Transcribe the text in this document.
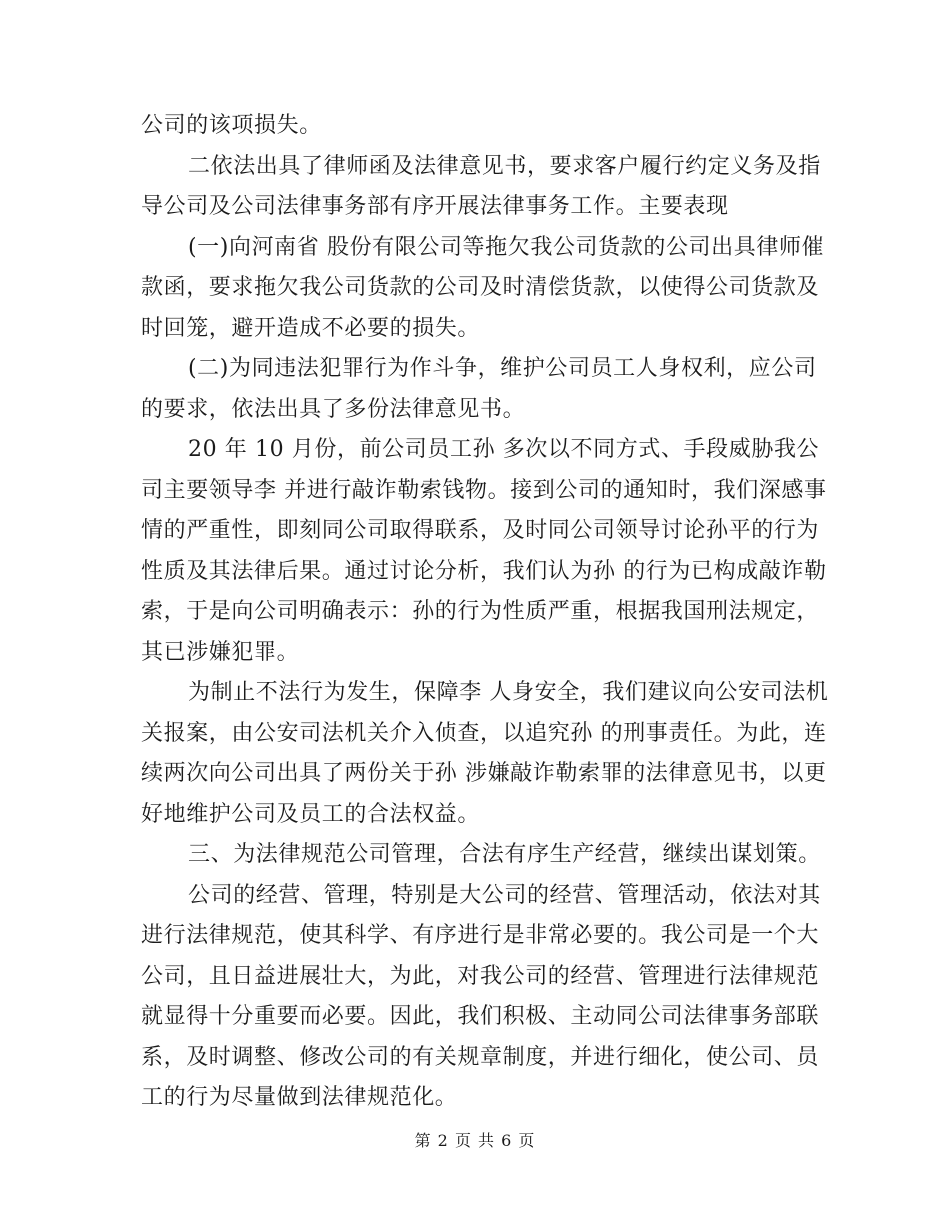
公司的该项损失。
二依法出具了律师函及法律意见书，要求客户履行约定义务及指
导公司及公司法律事务部有序开展法律事务工作。主要表现
(一)向河南省 股份有限公司等拖欠我公司货款的公司出具律师催
款函，要求拖欠我公司货款的公司及时清偿货款，以使得公司货款及
时回笼，避开造成不必要的损失。
(二)为同违法犯罪行为作斗争，维护公司员工人身权利，应公司
的要求，依法出具了多份法律意见书。
20 年 10 月份，前公司员工孙 多次以不同方式、手段威胁我公
司主要领导李 并进行敲诈勒索钱物。接到公司的通知时，我们深感事
情的严重性，即刻同公司取得联系，及时同公司领导讨论孙平的行为
性质及其法律后果。通过讨论分析，我们认为孙 的行为已构成敲诈勒
索，于是向公司明确表示：孙的行为性质严重，根据我国刑法规定，
其已涉嫌犯罪。
为制止不法行为发生，保障李 人身安全，我们建议向公安司法机
关报案，由公安司法机关介入侦查，以追究孙 的刑事责任。为此，连
续两次向公司出具了两份关于孙 涉嫌敲诈勒索罪的法律意见书，以更
好地维护公司及员工的合法权益。
三、为法律规范公司管理，合法有序生产经营，继续出谋划策。
公司的经营、管理，特别是大公司的经营、管理活动，依法对其
进行法律规范，使其科学、有序进行是非常必要的。我公司是一个大
公司，且日益进展壮大，为此，对我公司的经营、管理进行法律规范
就显得十分重要而必要。因此，我们积极、主动同公司法律事务部联
系，及时调整、修改公司的有关规章制度，并进行细化，使公司、员
工的行为尽量做到法律规范化。
第 2 页 共 6 页
